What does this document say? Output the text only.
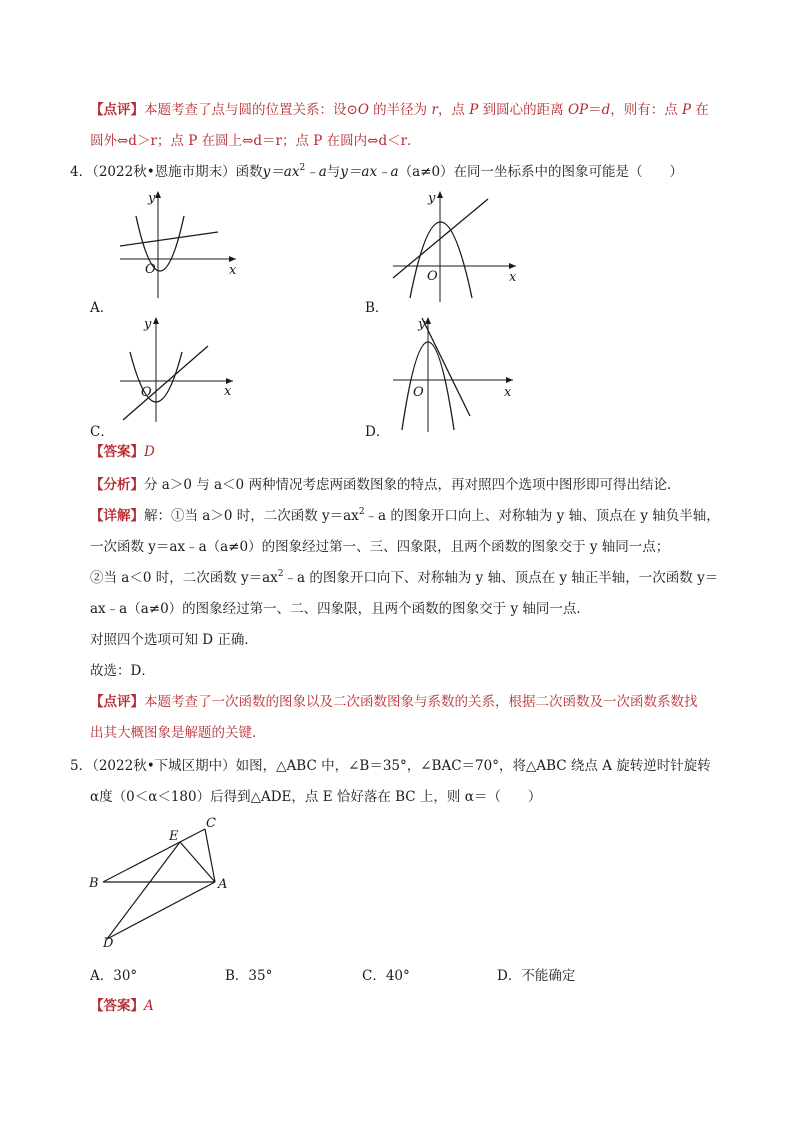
【点评】本题考查了点与圆的位置关系：设⊙O 的半径为 r，点 P 到圆心的距离 OP＝d，则有：点 P 在
圆外⇔d＞r；点 P 在圆上⇔d＝r；点 P 在圆内⇔d＜r．
4．（2022秋•恩施市期末）函数$y=ax^2﹣a$与y＝ax﹣a（a≠0）在同一坐标系中的图象可能是（　　）
y
x
O
A．
y
x
O
B．
y
x
O
C．
y
x
O
D．
【答案】D
【分析】分 a＞0 与 a＜0 两种情况考虑两函数图象的特点，再对照四个选项中图形即可得出结论．
【详解】解：①当 a＞0 时，二次函数 $y=ax^2﹣a$ 的图象开口向上、对称轴为 y 轴、顶点在 y 轴负半轴，
一次函数 y＝ax﹣a（a≠0）的图象经过第一、三、四象限，且两个函数的图象交于 y 轴同一点；
②当 a＜0 时，二次函数 $y=ax^2﹣a$ 的图象开口向下、对称轴为 y 轴、顶点在 y 轴正半轴，一次函数 y＝
ax﹣a（a≠0）的图象经过第一、二、四象限，且两个函数的图象交于 y 轴同一点．
对照四个选项可知 D 正确．
故选：D．
【点评】本题考查了一次函数的图象以及二次函数图象与系数的关系，根据二次函数及一次函数系数找
出其大概图象是解题的关键．
5．（2022秋•下城区期中）如图，△ABC 中，∠B＝35°，∠BAC＝70°，将△ABC 绕点 A 旋转逆时针旋转
α度（0＜α＜180）后得到△ADE，点 E 恰好落在 BC 上，则 α＝（　　）
E
C
B	A
D
A．30°	B．35°	C．40°	D．不能确定
【答案】A
